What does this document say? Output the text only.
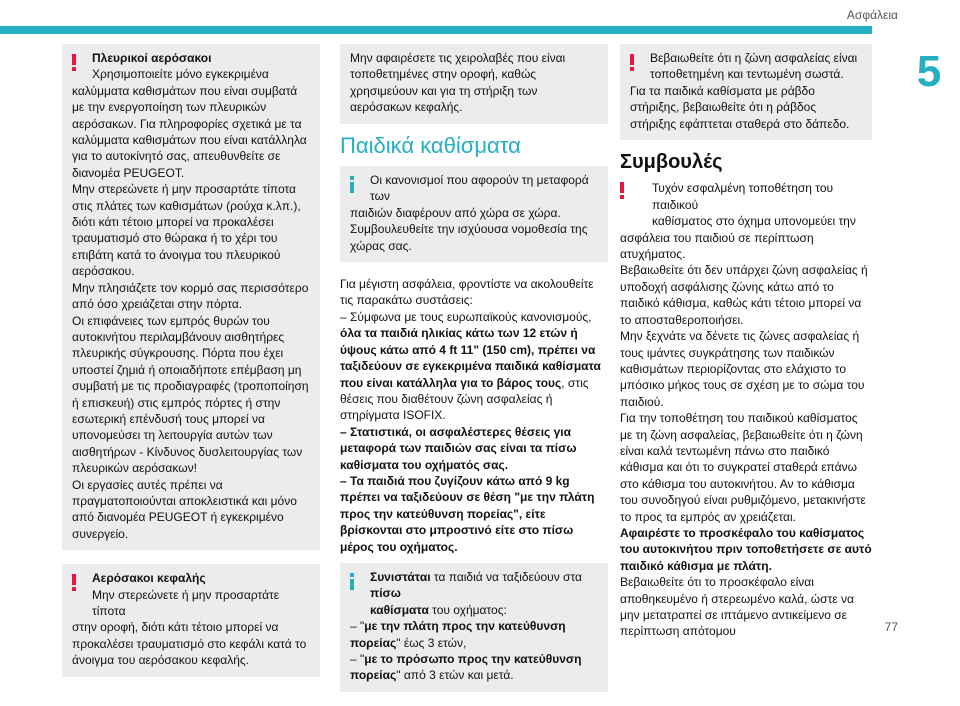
Ασφάλεια
5

Πλευρικοί αερόσακοι

Χρησιμοποιείτε μόνο εγκεκριμένα

καλύμματα καθισμάτων που είναι συμβατά με την ενεργοποίηση των πλευρικών αερόσακων. Για πληροφορίες σχετικά με τα καλύμματα καθισμάτων που είναι κατάλληλα για το αυτοκίνητό σας, απευθυνθείτε σε διανομέα PEUGEOT.

Μην στερεώνετε ή μην προσαρτάτε τίποτα στις πλάτες των καθισμάτων (ρούχα κ.λπ.), διότι κάτι τέτοιο μπορεί να προκαλέσει τραυματισμό στο θώρακα ή το χέρι του επιβάτη κατά το άνοιγμα του πλευρικού αερόσακου.

Μην πλησιάζετε τον κορμό σας περισσότερο από όσο χρειάζεται στην πόρτα.

Οι επιφάνειες των εμπρός θυρών του αυτοκινήτου περιλαμβάνουν αισθητήρες πλευρικής σύγκρουσης. Πόρτα που έχει υποστεί ζημιά ή οποιαδήποτε επέμβαση μη συμβατή με τις προδιαγραφές (τροποποίηση ή επισκευή) στις εμπρός πόρτες ή στην εσωτερική επένδυσή τους μπορεί να υπονομεύσει τη λειτουργία αυτών των αισθητήρων - Κίνδυνος δυσλειτουργίας των πλευρικών αερόσακων!

Οι εργασίες αυτές πρέπει να πραγματοποιούνται αποκλειστικά και μόνο από διανομέα PEUGEOT ή εγκεκριμένο συνεργείο.

Αερόσακοι κεφαλής

Μην στερεώνετε ή μην προσαρτάτε τίποτα

στην οροφή, διότι κάτι τέτοιο μπορεί να προκαλέσει τραυματισμό στο κεφάλι κατά το άνοιγμα του αερόσακου κεφαλής.

Μην αφαιρέσετε τις χειρολαβές που είναι τοποθετημένες στην οροφή, καθώς χρησιμεύουν και για τη στήριξη των αερόσακων κεφαλής.

Παιδικά καθίσματα

Οι κανονισμοί που αφορούν τη μεταφορά των

παιδιών διαφέρουν από χώρα σε χώρα. Συμβουλευθείτε την ισχύουσα νομοθεσία της χώρας σας.

Για μέγιστη ασφάλεια, φροντίστε να ακολουθείτε τις παρακάτω συστάσεις:

– Σύμφωνα με τους ευρωπαϊκούς κανονισμούς,
όλα τα παιδιά ηλικίας κάτω των 12 ετών ή ύψους κάτω από 4 ft 11" (150 cm), πρέπει να ταξιδεύουν σε εγκεκριμένα παιδικά καθίσματα που είναι κατάλληλα για το βάρος τους, στις θέσεις που διαθέτουν ζώνη ασφαλείας ή στηρίγματα ISOFIX.

– Στατιστικά, οι ασφαλέστερες θέσεις για μεταφορά των παιδιών σας είναι τα πίσω καθίσματα του οχήματός σας.

– Τα παιδιά που ζυγίζουν κάτω από 9 kg πρέπει να ταξιδεύουν σε θέση "με την πλάτη προς την κατεύθυνση πορείας", είτε βρίσκονται στο μπροστινό είτε στο πίσω μέρος του οχήματος.

Συνιστάται τα παιδιά να ταξιδεύουν στα πίσω

καθίσματα του οχήματος:

– "με την πλάτη προς την κατεύθυνση πορείας" έως 3 ετών,

– "με το πρόσωπο προς την κατεύθυνση πορείας" από 3 ετών και μετά.

Βεβαιωθείτε ότι η ζώνη ασφαλείας είναι

τοποθετημένη και τεντωμένη σωστά.

Για τα παιδικά καθίσματα με ράβδο στήριξης, βεβαιωθείτε ότι η ράβδος στήριξης εφάπτεται σταθερά στο δάπεδο.

Συμβουλές

Τυχόν εσφαλμένη τοποθέτηση του παιδικού

καθίσματος στο όχημα υπονομεύει την

ασφάλεια του παιδιού σε περίπτωση ατυχήματος.

Βεβαιωθείτε ότι δεν υπάρχει ζώνη ασφαλείας ή υποδοχή ασφάλισης ζώνης κάτω από το παιδικό κάθισμα, καθώς κάτι τέτοιο μπορεί να το αποσταθεροποιήσει.

Μην ξεχνάτε να δένετε τις ζώνες ασφαλείας ή τους ιμάντες συγκράτησης των παιδικών καθισμάτων περιορίζοντας στο ελάχιστο το μπόσικο μήκος τους σε σχέση με το σώμα του παιδιού.

Για την τοποθέτηση του παιδικού καθίσματος με τη ζώνη ασφαλείας, βεβαιωθείτε ότι η ζώνη είναι καλά τεντωμένη πάνω στο παιδικό κάθισμα και ότι το συγκρατεί σταθερά επάνω στο κάθισμα του αυτοκινήτου. Αν το κάθισμα του συνοδηγού είναι ρυθμιζόμενο, μετακινήστε το προς τα εμπρός αν χρειάζεται.

Αφαιρέστε το προσκέφαλο του καθίσματος του αυτοκινήτου πριν τοποθετήσετε σε αυτό παιδικό κάθισμα με πλάτη.

Βεβαιωθείτε ότι το προσκέφαλο είναι αποθηκευμένο ή στερεωμένο καλά, ώστε να μην μετατραπεί σε ιπτάμενο αντικείμενο σε περίπτωση απότομου	77
